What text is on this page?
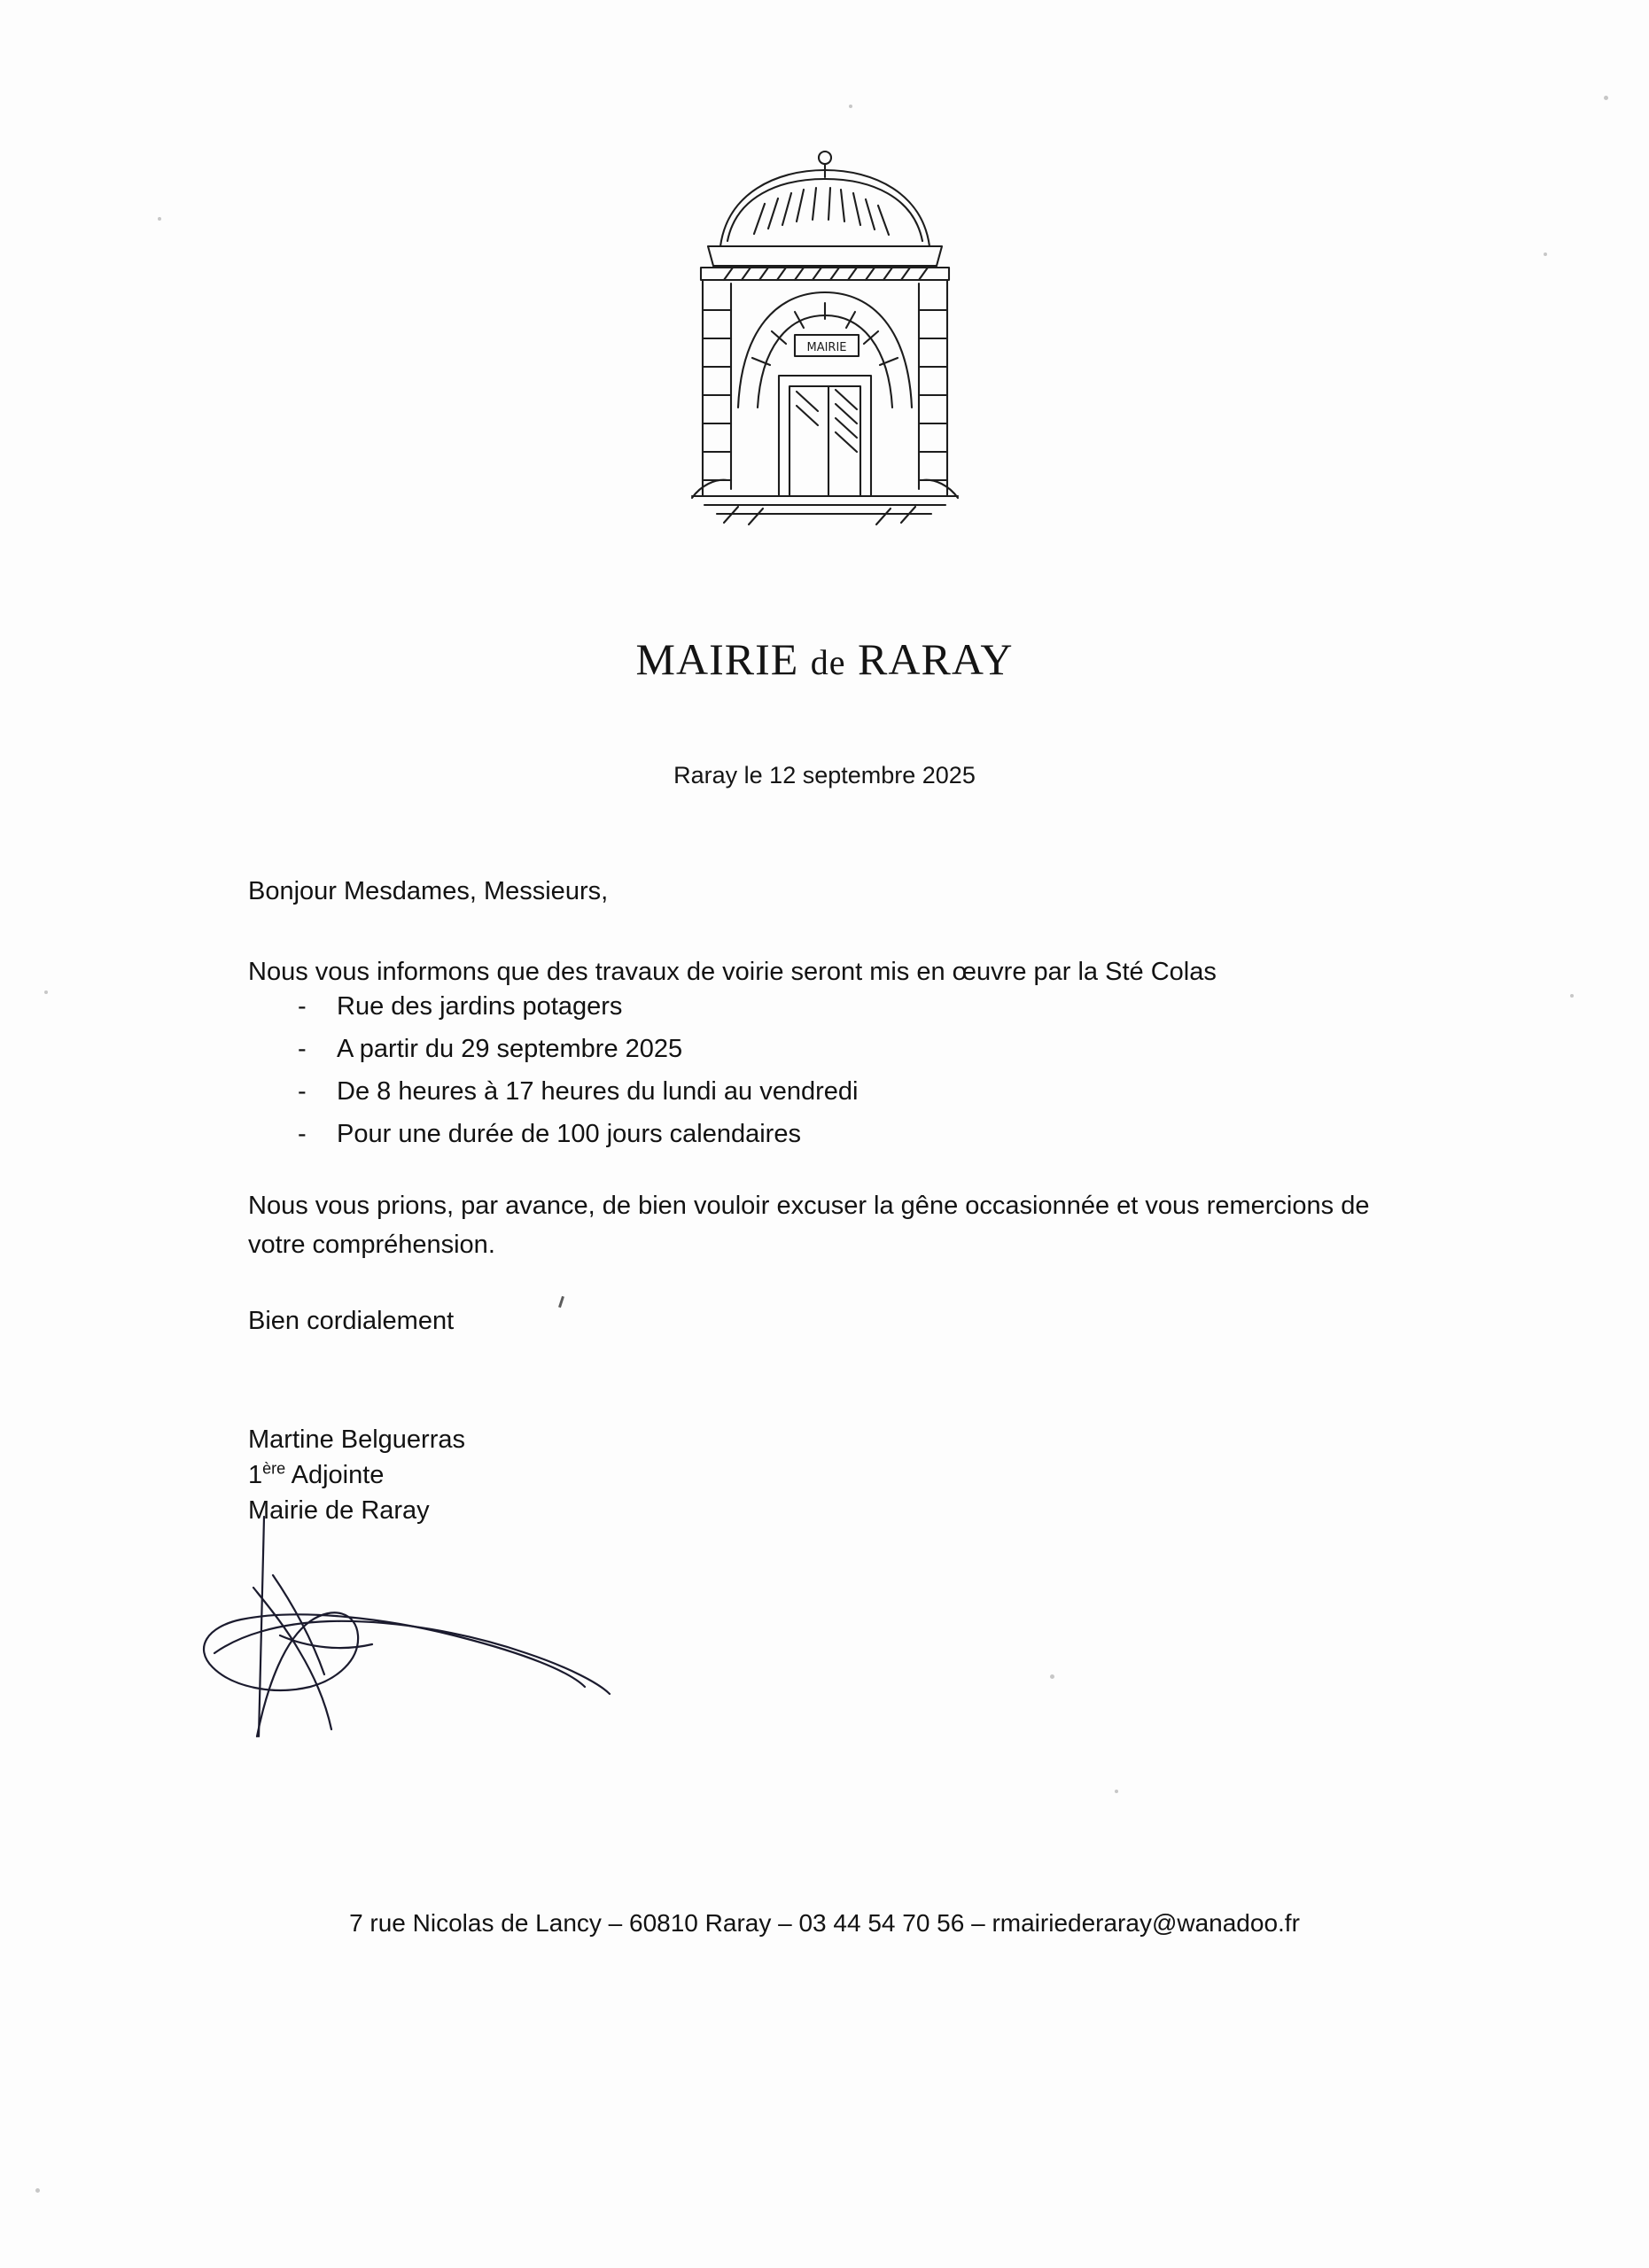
MAIRIE
MAIRIE de RARAY
Raray le 12 septembre 2025
Bonjour Mesdames, Messieurs,
Nous vous informons que des travaux de voirie seront mis en œuvre par la Sté Colas
- Rue des jardins potagers
- A partir du 29 septembre 2025
- De 8 heures à 17 heures du lundi au vendredi
- Pour une durée de 100 jours calendaires
Nous vous prions, par avance, de bien vouloir excuser la gêne occasionnée et vous remercions de votre compréhension.
Bien cordialement
Martine Belguerras
1ère Adjointe
Mairie de Raray
7 rue Nicolas de Lancy – 60810 Raray – 03 44 54 70 56 – rmairiederaray@wanadoo.fr
